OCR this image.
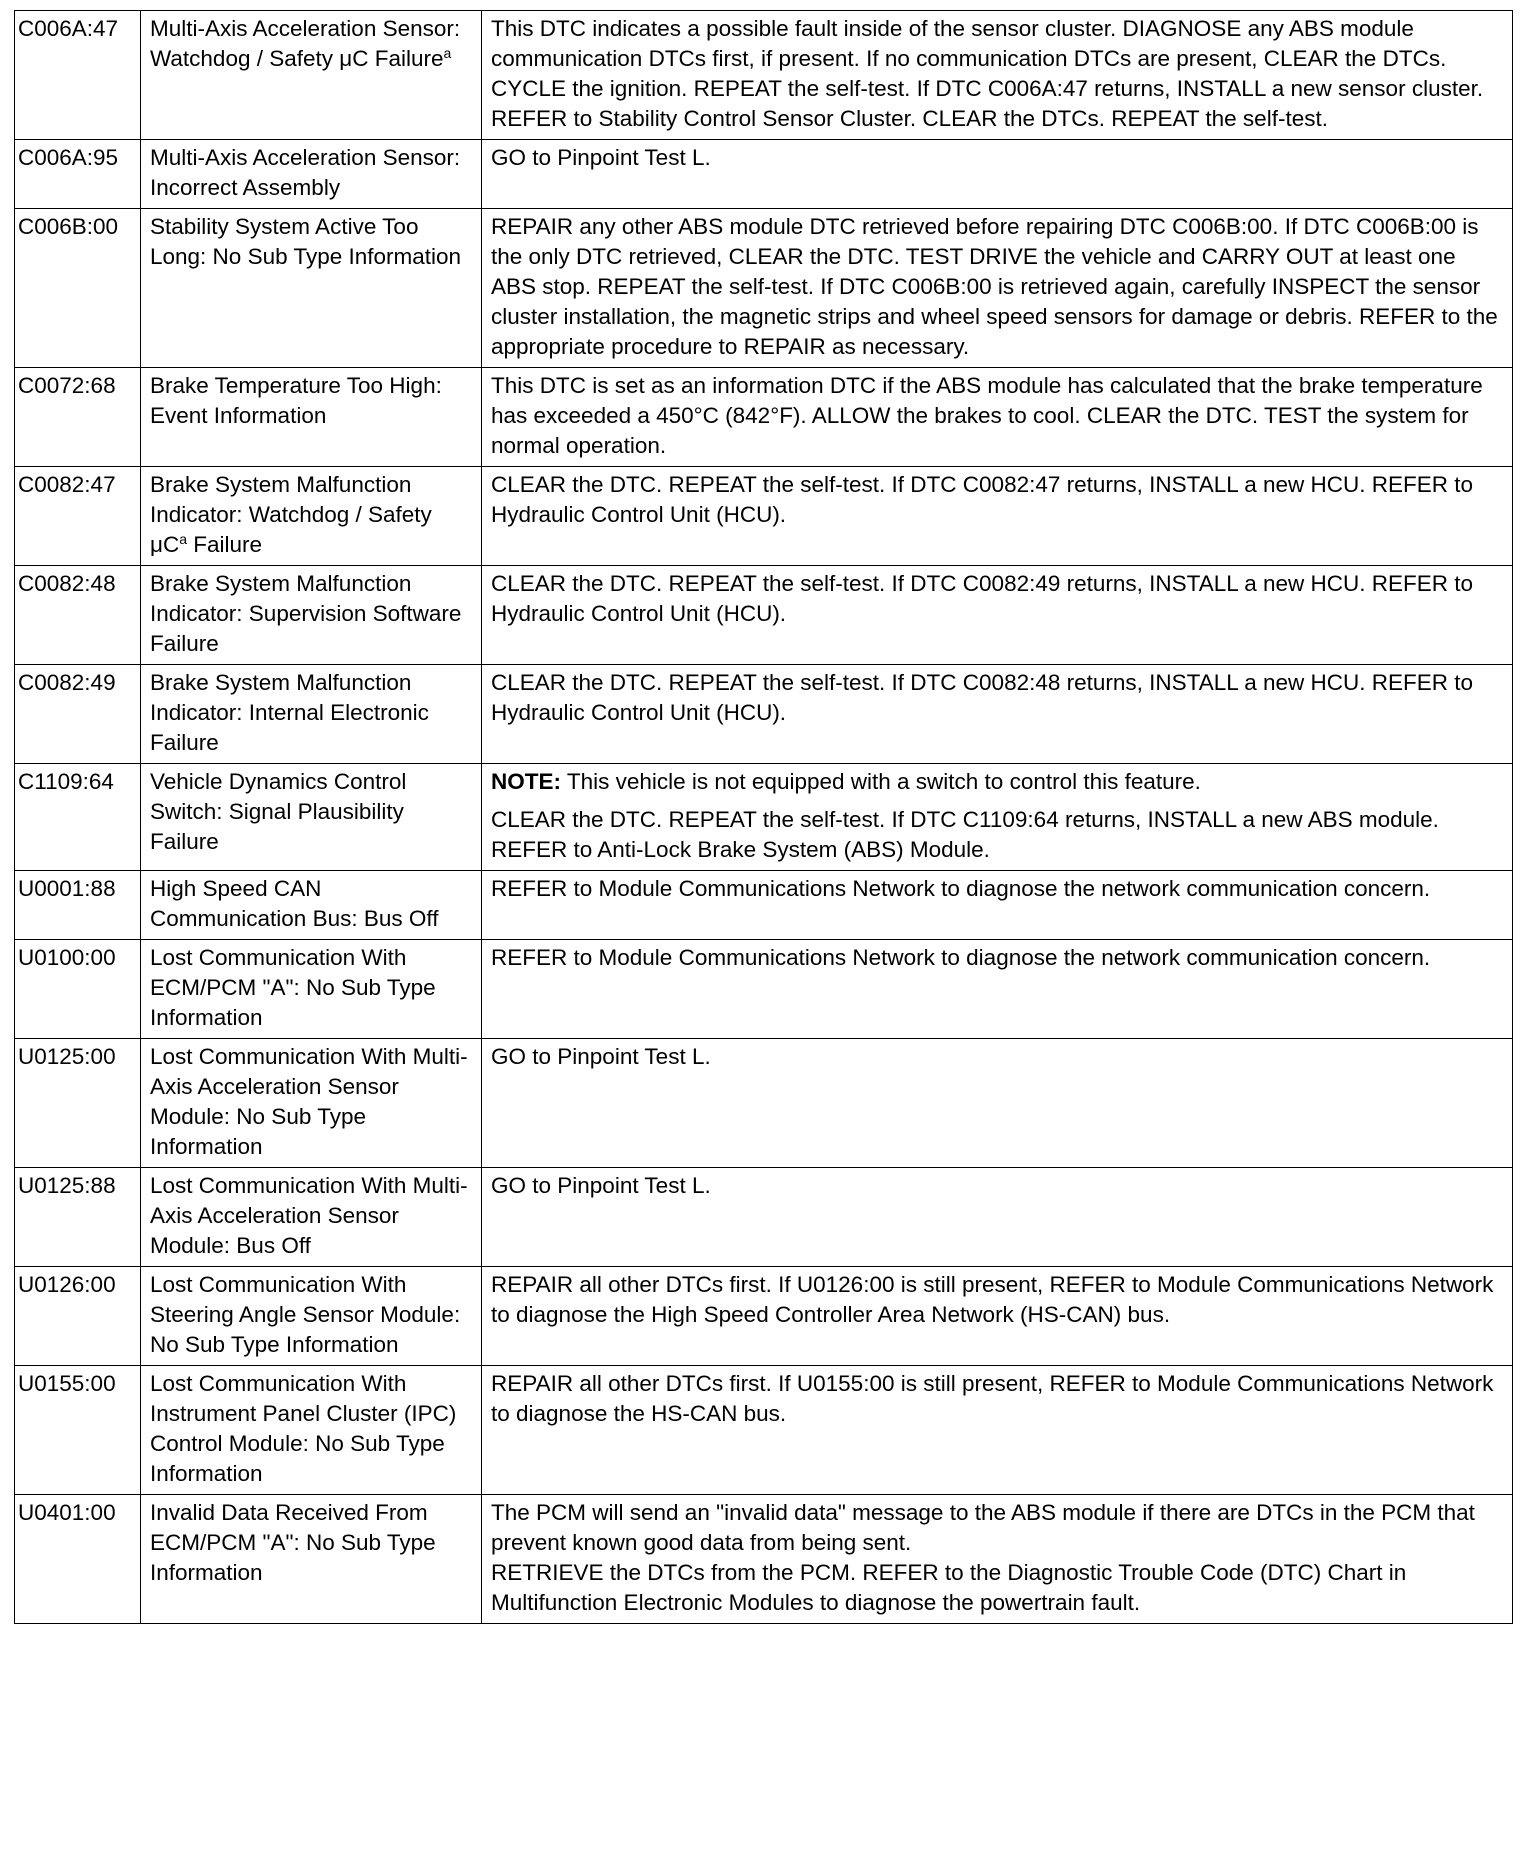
C006A:47	Multi-Axis Acceleration Sensor: Watchdog / Safety μC Failure$^a$	This DTC indicates a possible fault inside of the sensor cluster. DIAGNOSE any ABS module communication DTCs first, if present. If no communication DTCs are present, CLEAR the DTCs. CYCLE the ignition. REPEAT the self-test. If DTC C006A:47 returns, INSTALL a new sensor cluster. REFER to Stability Control Sensor Cluster. CLEAR the DTCs. REPEAT the self-test.
C006A:95	Multi-Axis Acceleration Sensor: Incorrect Assembly	GO to Pinpoint Test L.
C006B:00	Stability System Active Too Long: No Sub Type Information	REPAIR any other ABS module DTC retrieved before repairing DTC C006B:00. If DTC C006B:00 is the only DTC retrieved, CLEAR the DTC. TEST DRIVE the vehicle and CARRY OUT at least one ABS stop. REPEAT the self-test. If DTC C006B:00 is retrieved again, carefully INSPECT the sensor cluster installation, the magnetic strips and wheel speed sensors for damage or debris. REFER to the appropriate procedure to REPAIR as necessary.
C0072:68	Brake Temperature Too High: Event Information	This DTC is set as an information DTC if the ABS module has calculated that the brake temperature has exceeded a 450°C (842°F). ALLOW the brakes to cool. CLEAR the DTC. TEST the system for normal operation.
C0082:47	Brake System Malfunction Indicator: Watchdog / Safety $\mu C^a$ Failure	CLEAR the DTC. REPEAT the self-test. If DTC C0082:47 returns, INSTALL a new HCU. REFER to Hydraulic Control Unit (HCU).
C0082:48	Brake System Malfunction Indicator: Supervision Software Failure	CLEAR the DTC. REPEAT the self-test. If DTC C0082:49 returns, INSTALL a new HCU. REFER to Hydraulic Control Unit (HCU).
C0082:49	Brake System Malfunction Indicator: Internal Electronic Failure	CLEAR the DTC. REPEAT the self-test. If DTC C0082:48 returns, INSTALL a new HCU. REFER to Hydraulic Control Unit (HCU).
C1109:64	Vehicle Dynamics Control Switch: Signal Plausibility Failure	NOTE: This vehicle is not equipped with a switch to control this feature.
CLEAR the DTC. REPEAT the self-test. If DTC C1109:64 returns, INSTALL a new ABS module. REFER to Anti-Lock Brake System (ABS) Module.

U0001:88	High Speed CAN Communication Bus: Bus Off	REFER to Module Communications Network to diagnose the network communication concern.
U0100:00	Lost Communication With ECM/PCM "A": No Sub Type Information	REFER to Module Communications Network to diagnose the network communication concern.
U0125:00	Lost Communication With Multi-Axis Acceleration Sensor Module: No Sub Type Information	GO to Pinpoint Test L.
U0125:88	Lost Communication With Multi-Axis Acceleration Sensor Module: Bus Off	GO to Pinpoint Test L.
U0126:00	Lost Communication With Steering Angle Sensor Module: No Sub Type Information	REPAIR all other DTCs first. If U0126:00 is still present, REFER to Module Communications Network to diagnose the High Speed Controller Area Network (HS-CAN) bus.
U0155:00	Lost Communication With Instrument Panel Cluster (IPC) Control Module: No Sub Type Information	REPAIR all other DTCs first. If U0155:00 is still present, REFER to Module Communications Network to diagnose the HS-CAN bus.
U0401:00	Invalid Data Received From ECM/PCM "A": No Sub Type Information	The PCM will send an "invalid data" message to the ABS module if there are DTCs in the PCM that prevent known good data from being sent.
RETRIEVE the DTCs from the PCM. REFER to the Diagnostic Trouble Code (DTC) Chart in Multifunction Electronic Modules to diagnose the powertrain fault.
